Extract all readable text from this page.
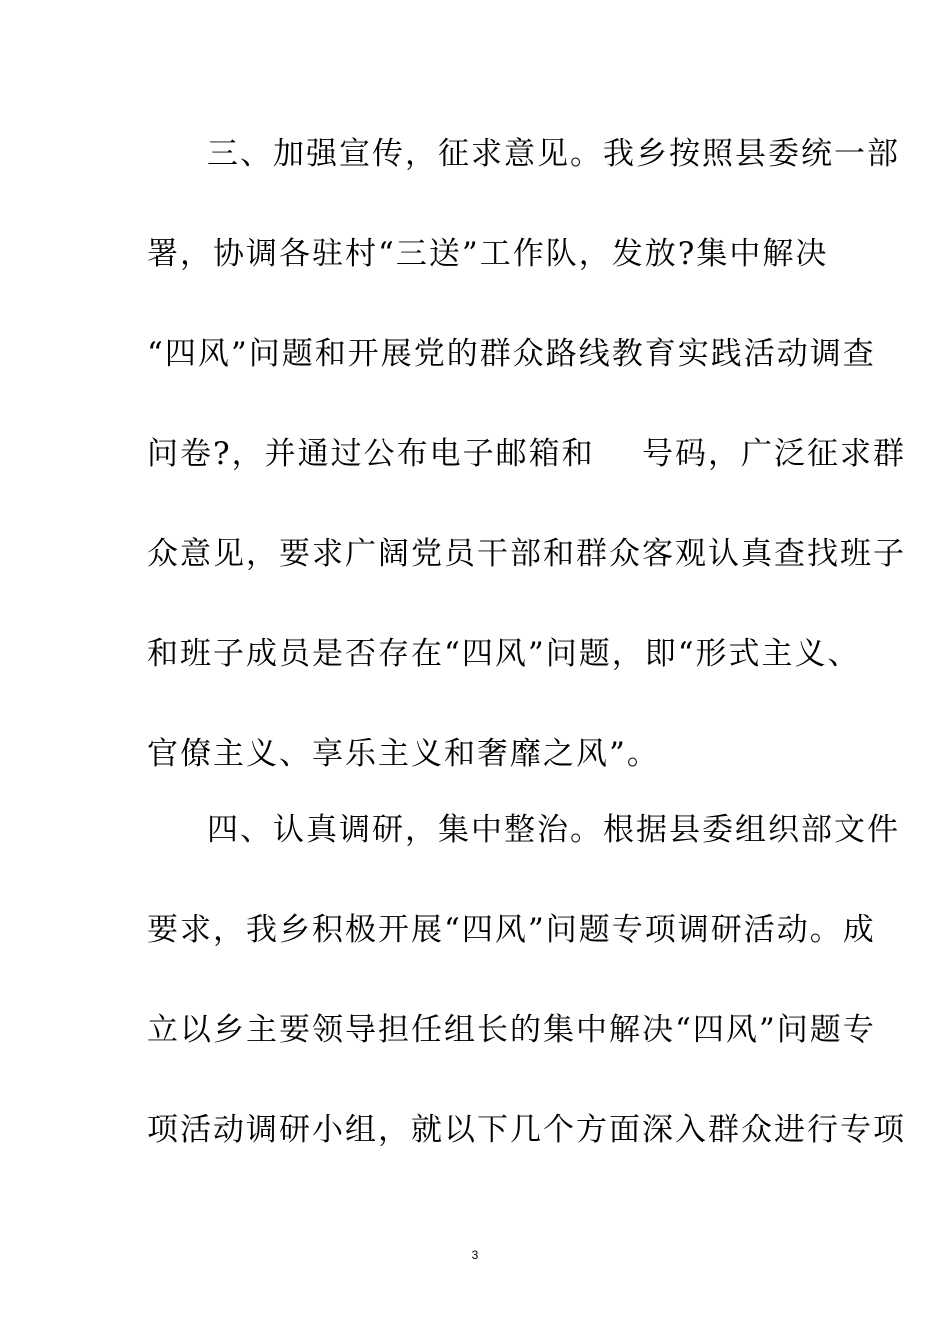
三、加强宣传，征求意见。我乡按照县委统一部
署，协调各驻村“三送”工作队，发放?集中解决
“四风”问题和开展党的群众路线教育实践活动调查
问卷?，并通过公布电子邮箱和    号码，广泛征求群
众意见，要求广阔党员干部和群众客观认真查找班子
和班子成员是否存在“四风”问题，即“形式主义、
官僚主义、享乐主义和奢靡之风”。
四、认真调研，集中整治。根据县委组织部文件
要求，我乡积极开展“四风”问题专项调研活动。成
立以乡主要领导担任组长的集中解决“四风”问题专
项活动调研小组，就以下几个方面深入群众进行专项
3
